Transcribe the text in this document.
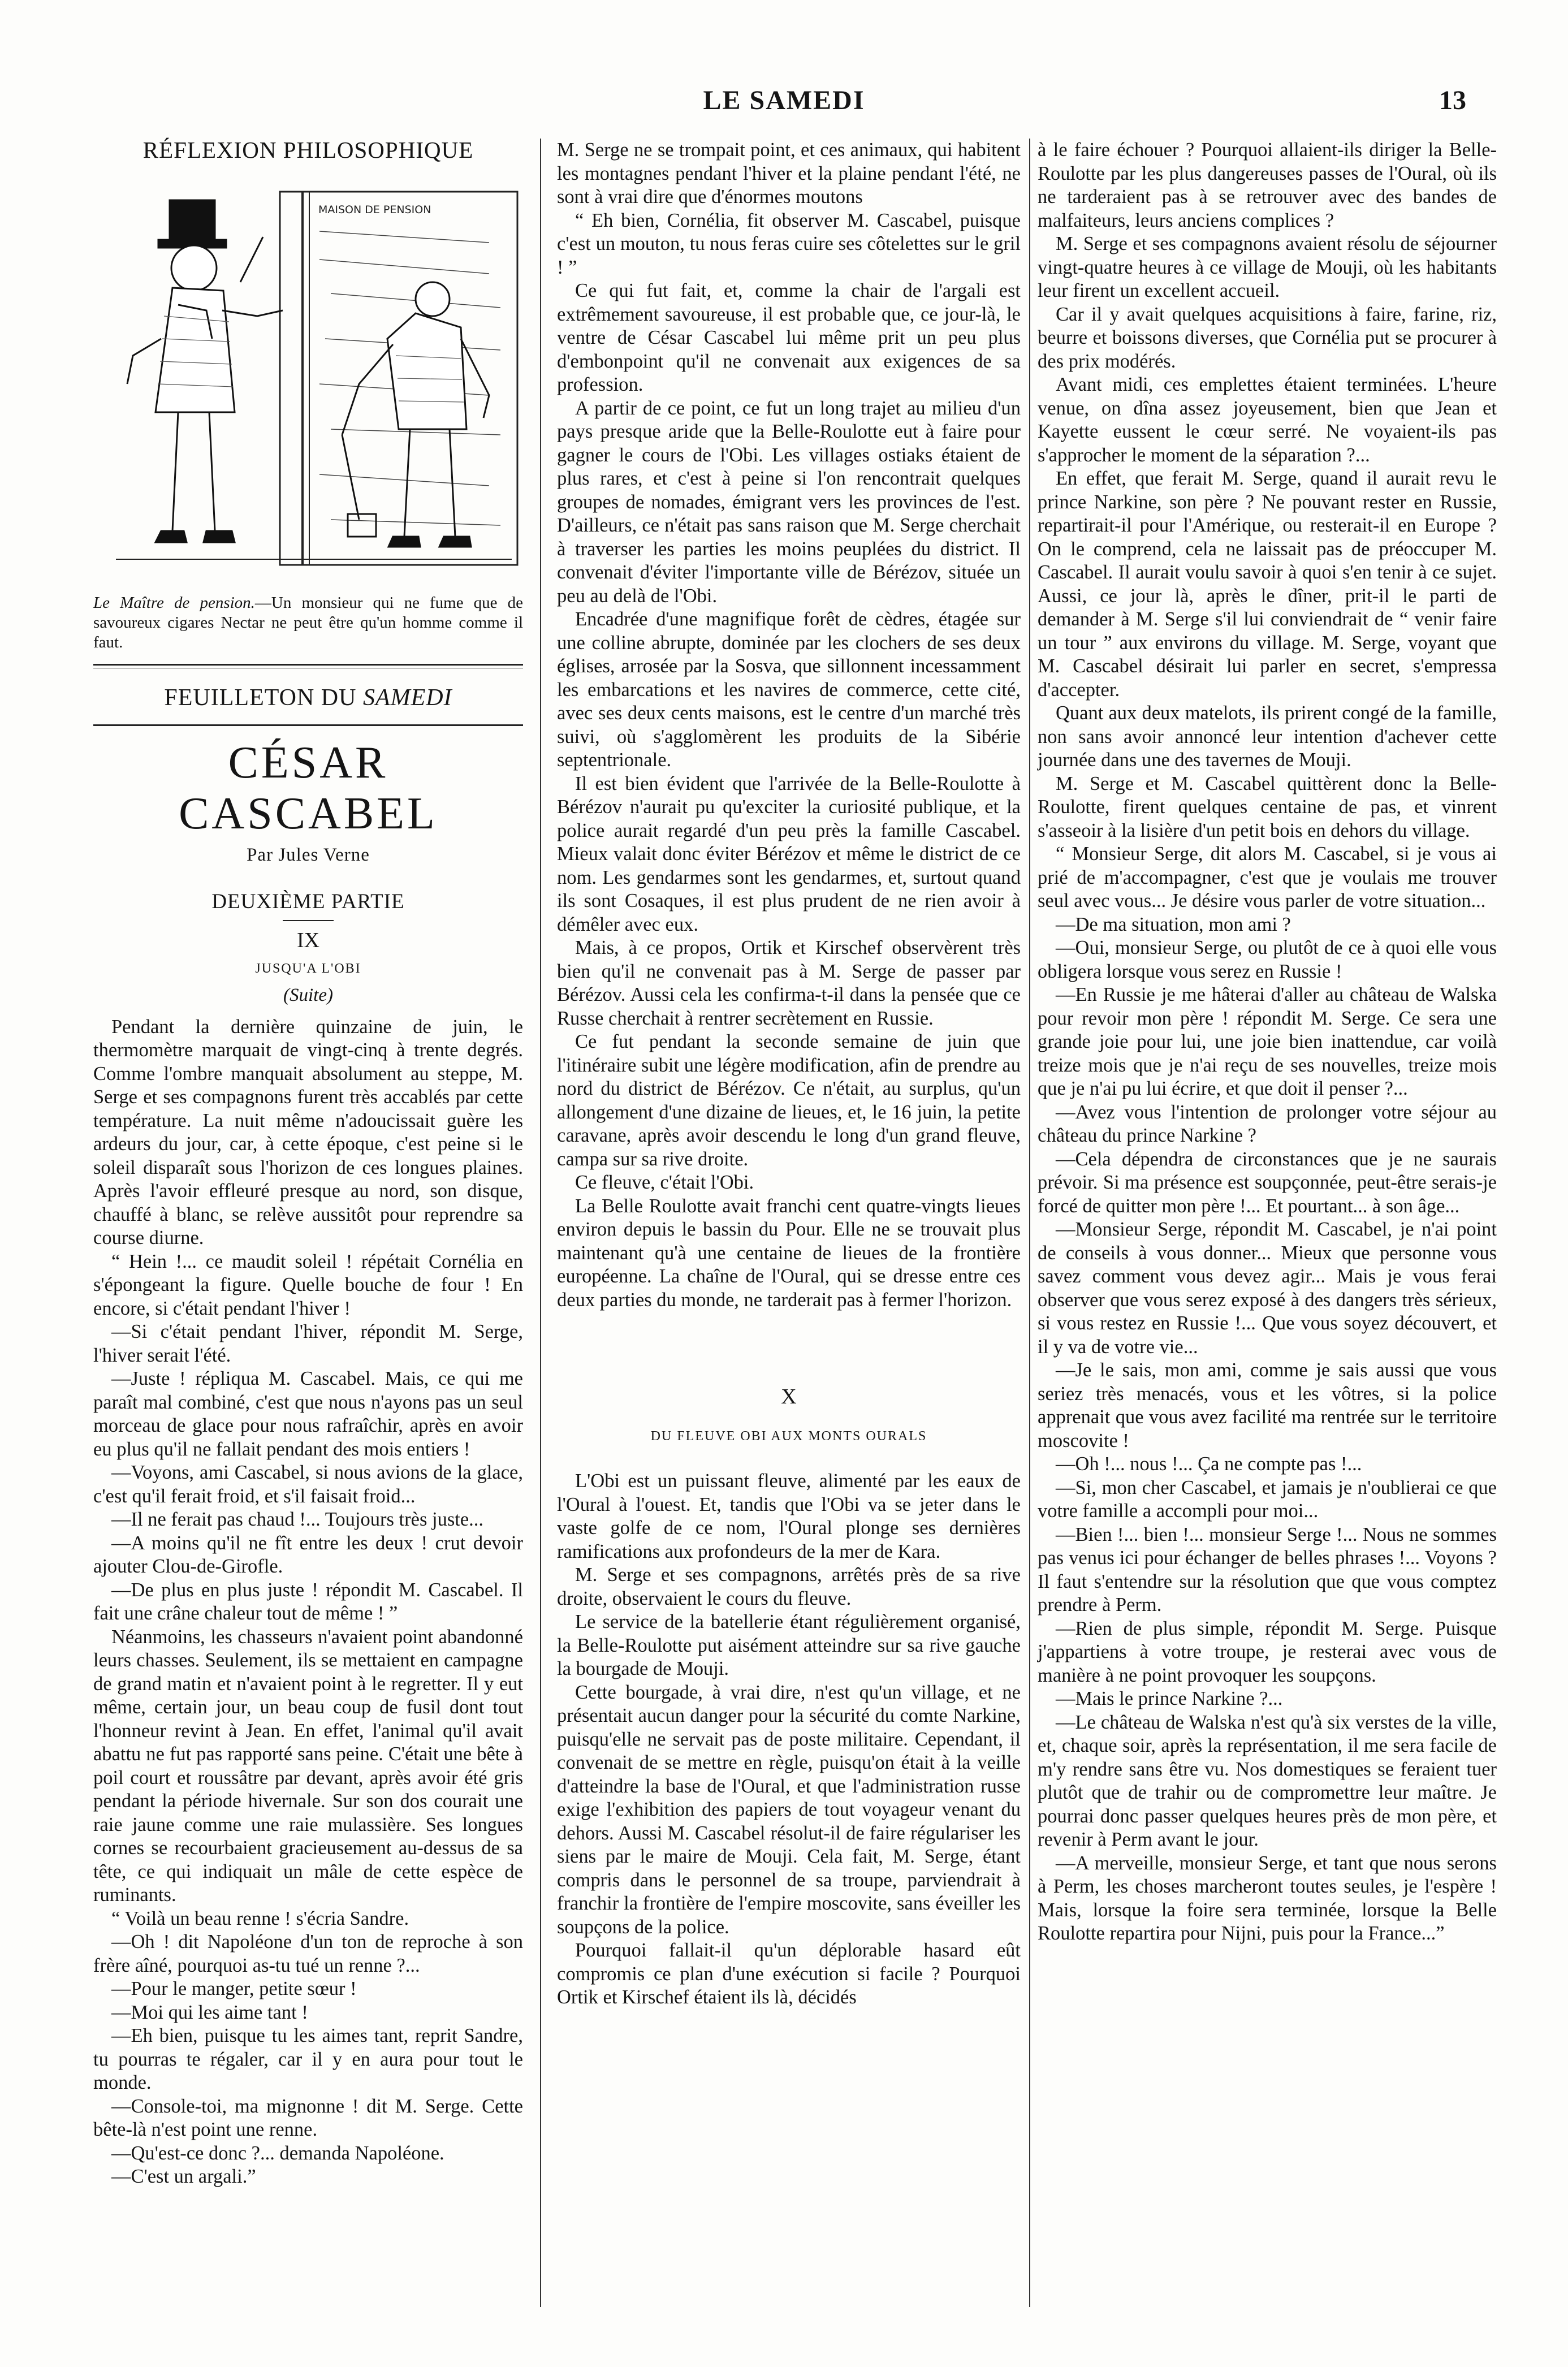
LE SAMEDI	13
RÉFLEXION PHILOSOPHIQUE
MAISON DE PENSION
Le Maître de pension.—Un monsieur qui ne fume que de savoureux cigares Nectar ne peut être qu'un homme comme il faut.
FEUILLETON DU SAMEDI
CÉSAR CASCABEL
Par Jules Verne
DEUXIÈME PARTIE
IX
JUSQU'A L'OBI
(Suite)

Pendant la dernière quinzaine de juin, le thermomètre marquait de vingt-cinq à trente degrés. Comme l'ombre manquait absolument au steppe, M. Serge et ses compagnons furent très accablés par cette température. La nuit même n'adoucissait guère les ardeurs du jour, car, à cette époque, c'est peine si le soleil disparaît sous l'horizon de ces longues plaines. Après l'avoir effleuré presque au nord, son disque, chauffé à blanc, se relève aussitôt pour reprendre sa course diurne.

“ Hein !... ce maudit soleil ! répétait Cornélia en s'épongeant la figure. Quelle bouche de four ! En encore, si c'était pendant l'hiver !

—Si c'était pendant l'hiver, répondit M. Serge, l'hiver serait l'été.

—Juste ! répliqua M. Cascabel. Mais, ce qui me paraît mal combiné, c'est que nous n'ayons pas un seul morceau de glace pour nous rafraîchir, après en avoir eu plus qu'il ne fallait pendant des mois entiers !

—Voyons, ami Cascabel, si nous avions de la glace, c'est qu'il ferait froid, et s'il faisait froid...

—Il ne ferait pas chaud !... Toujours très juste...

—A moins qu'il ne fît entre les deux ! crut devoir ajouter Clou-de-Girofle.

—De plus en plus juste ! répondit M. Cascabel. Il fait une crâne chaleur tout de même ! ”

Néanmoins, les chasseurs n'avaient point abandonné leurs chasses. Seulement, ils se mettaient en campagne de grand matin et n'avaient point à le regretter. Il y eut même, certain jour, un beau coup de fusil dont tout l'honneur revint à Jean. En effet, l'animal qu'il avait abattu ne fut pas rapporté sans peine. C'était une bête à poil court et roussâtre par devant, après avoir été gris pendant la période hivernale. Sur son dos courait une raie jaune comme une raie mulassière. Ses longues cornes se recourbaient gracieusement au-dessus de sa tête, ce qui indiquait un mâle de cette espèce de ruminants.

“ Voilà un beau renne ! s'écria Sandre.

—Oh ! dit Napoléone d'un ton de reproche à son frère aîné, pourquoi as-tu tué un renne ?...

—Pour le manger, petite sœur !

—Moi qui les aime tant !

—Eh bien, puisque tu les aimes tant, reprit Sandre, tu pourras te régaler, car il y en aura pour tout le monde.

—Console-toi, ma mignonne ! dit M. Serge. Cette bête-là n'est point une renne.

—Qu'est-ce donc ?... demanda Napoléone.

—C'est un argali.”

M. Serge ne se trompait point, et ces animaux, qui habitent les montagnes pendant l'hiver et la plaine pendant l'été, ne sont à vrai dire que d'énormes moutons

“ Eh bien, Cornélia, fit observer M. Cascabel, puisque c'est un mouton, tu nous feras cuire ses côtelettes sur le gril ! ”

Ce qui fut fait, et, comme la chair de l'argali est extrêmement savoureuse, il est probable que, ce jour-là, le ventre de César Cascabel lui même prit un peu plus d'embonpoint qu'il ne convenait aux exigences de sa profession.

A partir de ce point, ce fut un long trajet au milieu d'un pays presque aride que la Belle-Roulotte eut à faire pour gagner le cours de l'Obi. Les villages ostiaks étaient de plus rares, et c'est à peine si l'on rencontrait quelques groupes de nomades, émigrant vers les provinces de l'est. D'ailleurs, ce n'était pas sans raison que M. Serge cherchait à traverser les parties les moins peuplées du district. Il convenait d'éviter l'importante ville de Bérézov, située un peu au delà de l'Obi.

Encadrée d'une magnifique forêt de cèdres, étagée sur une colline abrupte, dominée par les clochers de ses deux églises, arrosée par la Sosva, que sillonnent incessamment les embarcations et les navires de commerce, cette cité, avec ses deux cents maisons, est le centre d'un marché très suivi, où s'agglomèrent les produits de la Sibérie septentrionale.

Il est bien évident que l'arrivée de la Belle-Roulotte à Bérézov n'aurait pu qu'exciter la curiosité publique, et la police aurait regardé d'un peu près la famille Cascabel. Mieux valait donc éviter Bérézov et même le district de ce nom. Les gendarmes sont les gendarmes, et, surtout quand ils sont Cosaques, il est plus prudent de ne rien avoir à démêler avec eux.

Mais, à ce propos, Ortik et Kirschef observèrent très bien qu'il ne convenait pas à M. Serge de passer par Bérézov. Aussi cela les confirma-t-il dans la pensée que ce Russe cherchait à rentrer secrètement en Russie.

Ce fut pendant la seconde semaine de juin que l'itinéraire subit une légère modification, afin de prendre au nord du district de Bérézov. Ce n'était, au surplus, qu'un allongement d'une dizaine de lieues, et, le 16 juin, la petite caravane, après avoir descendu le long d'un grand fleuve, campa sur sa rive droite.

Ce fleuve, c'était l'Obi.

La Belle Roulotte avait franchi cent quatre-vingts lieues environ depuis le bassin du Pour. Elle ne se trouvait plus maintenant qu'à une centaine de lieues de la frontière européenne. La chaîne de l'Oural, qui se dresse entre ces deux parties du monde, ne tarderait pas à fermer l'horizon.

X
DU FLEUVE OBI AUX MONTS OURALS

L'Obi est un puissant fleuve, alimenté par les eaux de l'Oural à l'ouest. Et, tandis que l'Obi va se jeter dans le vaste golfe de ce nom, l'Oural plonge ses dernières ramifications aux profondeurs de la mer de Kara.

M. Serge et ses compagnons, arrêtés près de sa rive droite, observaient le cours du fleuve.

Le service de la batellerie étant régulièrement organisé, la Belle-Roulotte put aisément atteindre sur sa rive gauche la bourgade de Mouji.

Cette bourgade, à vrai dire, n'est qu'un village, et ne présentait aucun danger pour la sécurité du comte Narkine, puisqu'elle ne servait pas de poste militaire. Cependant, il convenait de se mettre en règle, puisqu'on était à la veille d'atteindre la base de l'Oural, et que l'administration russe exige l'exhibition des papiers de tout voyageur venant du dehors. Aussi M. Cascabel résolut-il de faire régulariser les siens par le maire de Mouji. Cela fait, M. Serge, étant compris dans le personnel de sa troupe, parviendrait à franchir la frontière de l'empire moscovite, sans éveiller les soupçons de la police.

Pourquoi fallait-il qu'un déplorable hasard eût compromis ce plan d'une exécution si facile ? Pourquoi Ortik et Kirschef étaient ils là, décidés

à le faire échouer ? Pourquoi allaient-ils diriger la Belle-Roulotte par les plus dangereuses passes de l'Oural, où ils ne tarderaient pas à se retrouver avec des bandes de malfaiteurs, leurs anciens complices ?

M. Serge et ses compagnons avaient résolu de séjourner vingt-quatre heures à ce village de Mouji, où les habitants leur firent un excellent accueil.

Car il y avait quelques acquisitions à faire, farine, riz, beurre et boissons diverses, que Cornélia put se procurer à des prix modérés.

Avant midi, ces emplettes étaient terminées. L'heure venue, on dîna assez joyeusement, bien que Jean et Kayette eussent le cœur serré. Ne voyaient-ils pas s'approcher le moment de la séparation ?...

En effet, que ferait M. Serge, quand il aurait revu le prince Narkine, son père ? Ne pouvant rester en Russie, repartirait-il pour l'Amérique, ou resterait-il en Europe ? On le comprend, cela ne laissait pas de préoccuper M. Cascabel. Il aurait voulu savoir à quoi s'en tenir à ce sujet. Aussi, ce jour là, après le dîner, prit-il le parti de demander à M. Serge s'il lui conviendrait de “ venir faire un tour ” aux environs du village. M. Serge, voyant que M. Cascabel désirait lui parler en secret, s'empressa d'accepter.

Quant aux deux matelots, ils prirent congé de la famille, non sans avoir annoncé leur intention d'achever cette journée dans une des tavernes de Mouji.

M. Serge et M. Cascabel quittèrent donc la Belle-Roulotte, firent quelques centaine de pas, et vinrent s'asseoir à la lisière d'un petit bois en dehors du village.

“ Monsieur Serge, dit alors M. Cascabel, si je vous ai prié de m'accompagner, c'est que je voulais me trouver seul avec vous... Je désire vous parler de votre situation...

—De ma situation, mon ami ?

—Oui, monsieur Serge, ou plutôt de ce à quoi elle vous obligera lorsque vous serez en Russie !

—En Russie je me hâterai d'aller au château de Walska pour revoir mon père ! répondit M. Serge. Ce sera une grande joie pour lui, une joie bien inattendue, car voilà treize mois que je n'ai reçu de ses nouvelles, treize mois que je n'ai pu lui écrire, et que doit il penser ?...

—Avez vous l'intention de prolonger votre séjour au château du prince Narkine ?

—Cela dépendra de circonstances que je ne saurais prévoir. Si ma présence est soupçonnée, peut-être serais-je forcé de quitter mon père !... Et pourtant... à son âge...

—Monsieur Serge, répondit M. Cascabel, je n'ai point de conseils à vous donner... Mieux que personne vous savez comment vous devez agir... Mais je vous ferai observer que vous serez exposé à des dangers très sérieux, si vous restez en Russie !... Que vous soyez découvert, et il y va de votre vie...

—Je le sais, mon ami, comme je sais aussi que vous seriez très menacés, vous et les vôtres, si la police apprenait que vous avez facilité ma rentrée sur le territoire moscovite !

—Oh !... nous !... Ça ne compte pas !...

—Si, mon cher Cascabel, et jamais je n'oublierai ce que votre famille a accompli pour moi...

—Bien !... bien !... monsieur Serge !... Nous ne sommes pas venus ici pour échanger de belles phrases !... Voyons ? Il faut s'entendre sur la résolution que que vous comptez prendre à Perm.

—Rien de plus simple, répondit M. Serge. Puisque j'appartiens à votre troupe, je resterai avec vous de manière à ne point provoquer les soupçons.

—Mais le prince Narkine ?...

—Le château de Walska n'est qu'à six verstes de la ville, et, chaque soir, après la représentation, il me sera facile de m'y rendre sans être vu. Nos domestiques se feraient tuer plutôt que de trahir ou de compromettre leur maître. Je pourrai donc passer quelques heures près de mon père, et revenir à Perm avant le jour.

—A merveille, monsieur Serge, et tant que nous serons à Perm, les choses marcheront toutes seules, je l'espère ! Mais, lorsque la foire sera terminée, lorsque la Belle Roulotte repartira pour Nijni, puis pour la France...”
